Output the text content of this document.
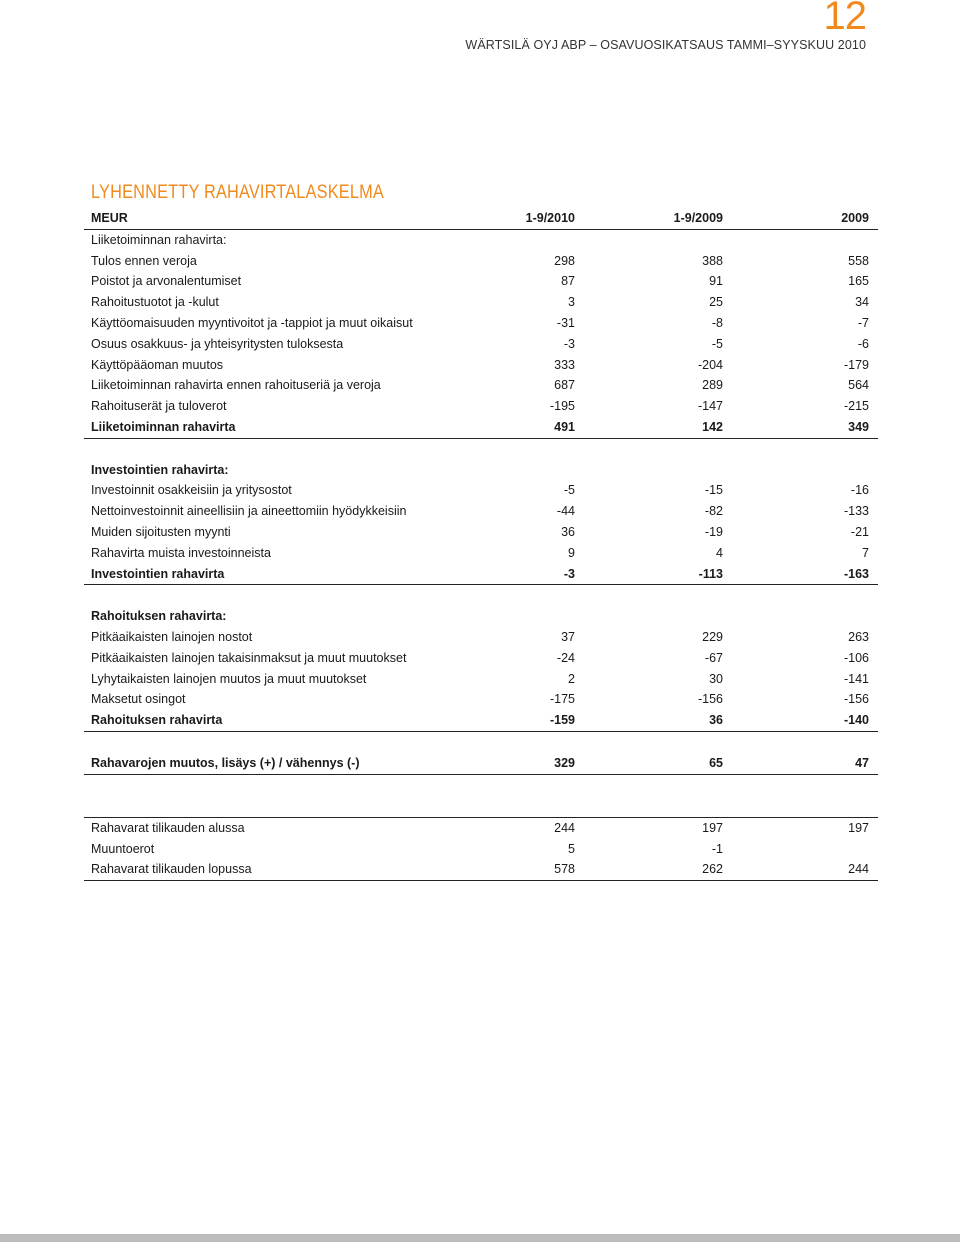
12
WÄRTSILÄ OYJ ABP – OSAVUOSIKATSAUS TAMMI–SYYSKUU 2010
LYHENNETTY RAHAVIRTALASKELMA
MEUR	1-9/2010	1-9/2009	2009
Liiketoiminnan rahavirta:
Tulos ennen veroja	298	388	558
Poistot ja arvonalentumiset	87	91	165
Rahoitustuotot ja -kulut	3	25	34
Käyttöomaisuuden myyntivoitot ja -tappiot ja muut oikaisut	-31	-8	-7
Osuus osakkuus- ja yhteisyritysten tuloksesta	-3	-5	-6
Käyttöpääoman muutos	333	-204	-179
Liiketoiminnan rahavirta ennen rahoituseriä ja veroja	687	289	564
Rahoituserät ja tuloverot	-195	-147	-215
Liiketoiminnan rahavirta	491	142	349
Investointien rahavirta:
Investoinnit osakkeisiin ja yritysostot	-5	-15	-16
Nettoinvestoinnit aineellisiin ja aineettomiin hyödykkeisiin	-44	-82	-133
Muiden sijoitusten myynti	36	-19	-21
Rahavirta muista investoinneista	9	4	7
Investointien rahavirta	-3	-113	-163
Rahoituksen rahavirta:
Pitkäaikaisten lainojen nostot	37	229	263
Pitkäaikaisten lainojen takaisinmaksut ja muut muutokset	-24	-67	-106
Lyhytaikaisten lainojen muutos ja muut muutokset	2	30	-141
Maksetut osingot	-175	-156	-156
Rahoituksen rahavirta	-159	36	-140
Rahavarojen muutos, lisäys (+) / vähennys (-)	329	65	47
Rahavarat tilikauden alussa	244	197	197
Muuntoerot	5	-1
Rahavarat tilikauden lopussa	578	262	244
